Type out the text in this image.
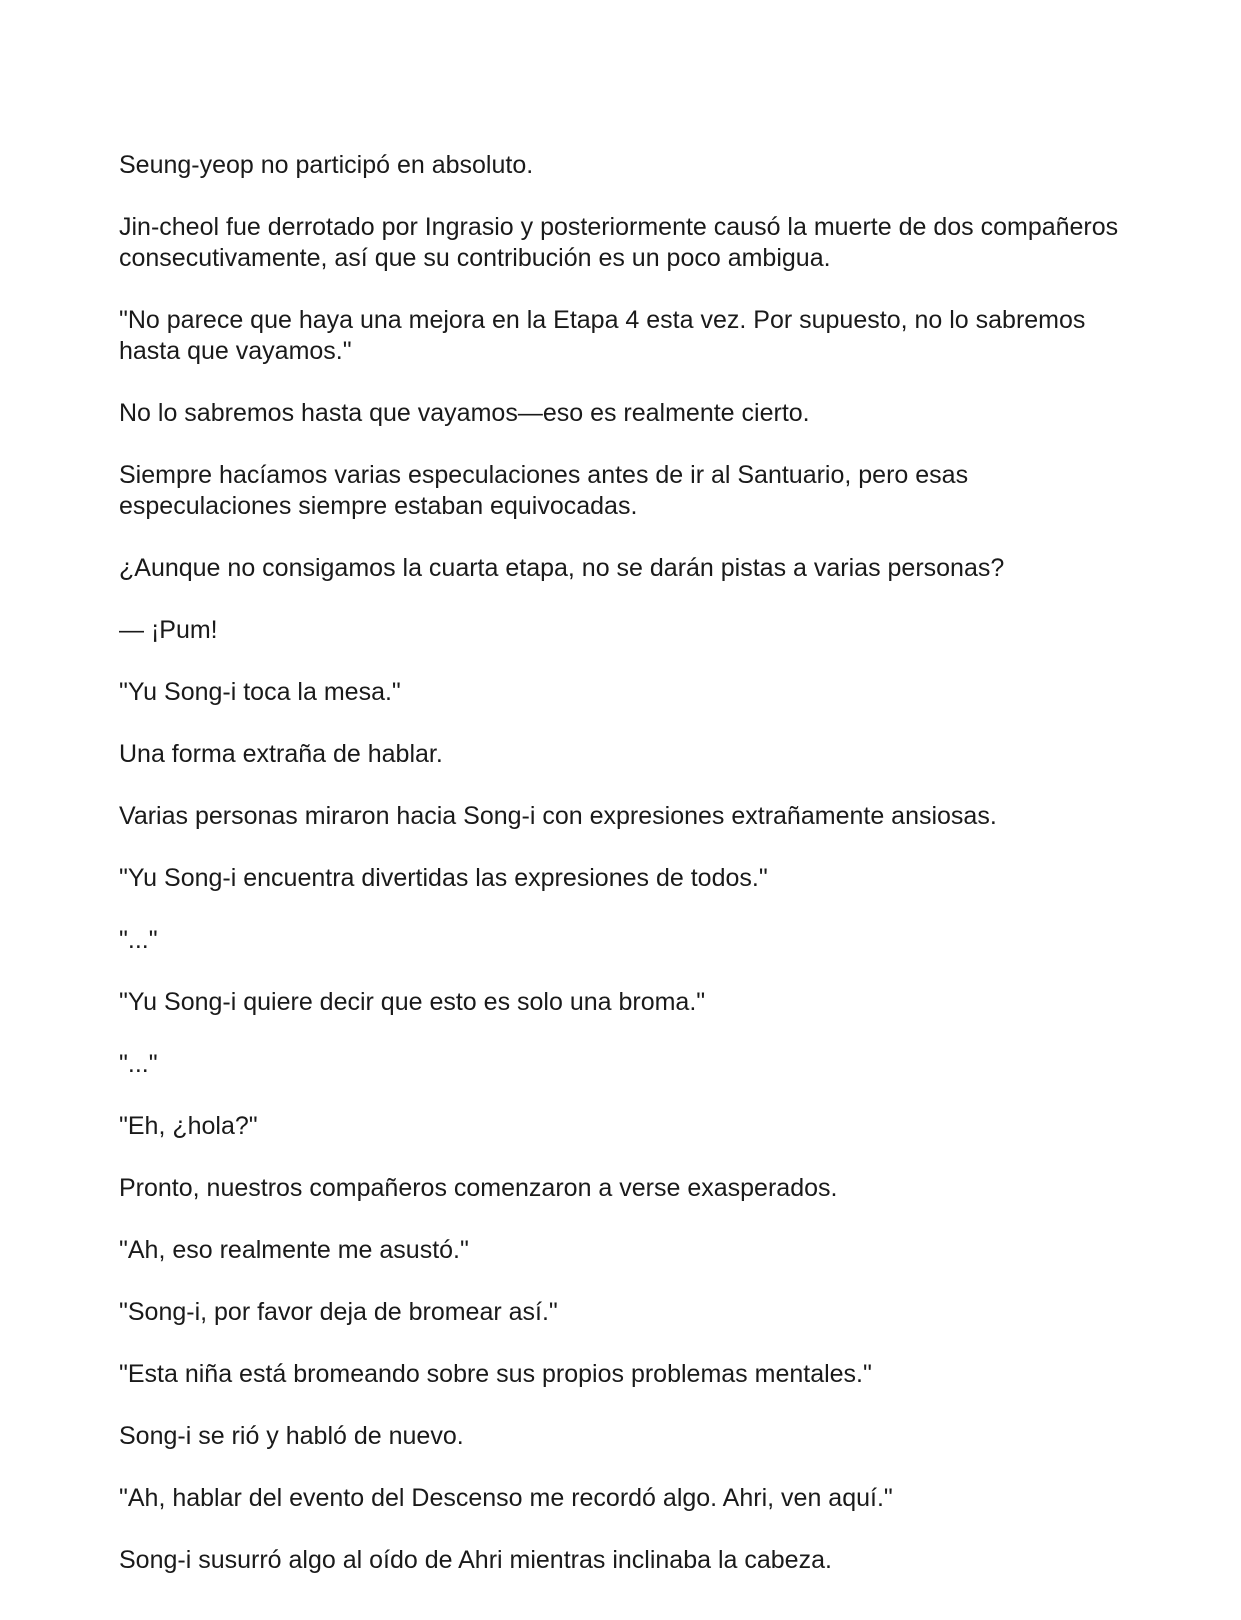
Seung-yeop no participó en absoluto.

Jin-cheol fue derrotado por Ingrasio y posteriormente causó la muerte de dos compañeros consecutivamente, así que su contribución es un poco ambigua.

"No parece que haya una mejora en la Etapa 4 esta vez. Por supuesto, no lo sabremos hasta que vayamos."

No lo sabremos hasta que vayamos—eso es realmente cierto.

Siempre hacíamos varias especulaciones antes de ir al Santuario, pero esas especulaciones siempre estaban equivocadas.

¿Aunque no consigamos la cuarta etapa, no se darán pistas a varias personas?

— ¡Pum!

"Yu Song-i toca la mesa."

Una forma extraña de hablar.

Varias personas miraron hacia Song-i con expresiones extrañamente ansiosas.

"Yu Song-i encuentra divertidas las expresiones de todos."

"..."

"Yu Song-i quiere decir que esto es solo una broma."

"..."

"Eh, ¿hola?"

Pronto, nuestros compañeros comenzaron a verse exasperados.

"Ah, eso realmente me asustó."

"Song-i, por favor deja de bromear así."

"Esta niña está bromeando sobre sus propios problemas mentales."

Song-i se rió y habló de nuevo.

"Ah, hablar del evento del Descenso me recordó algo. Ahri, ven aquí."

Song-i susurró algo al oído de Ahri mientras inclinaba la cabeza.
